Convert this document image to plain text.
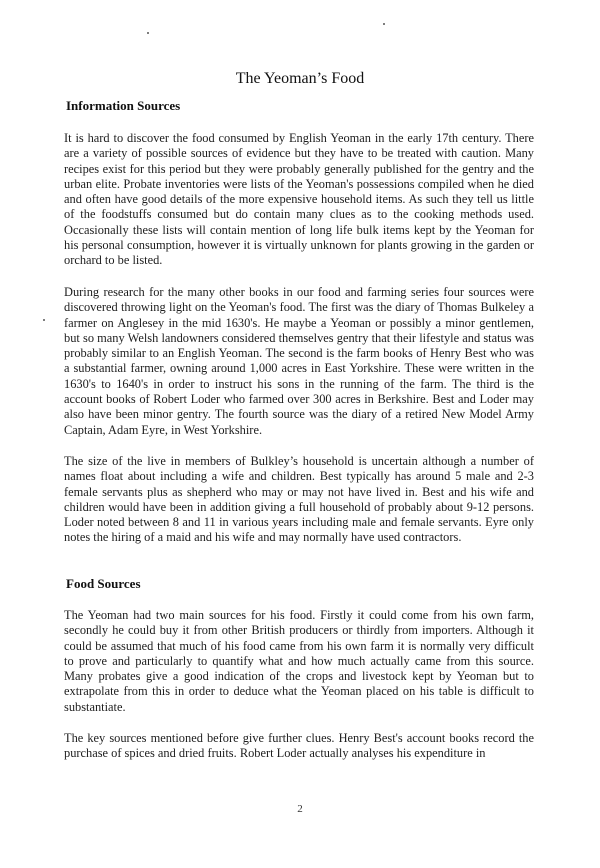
The Yeoman’s Food
Information Sources

It is hard to discover the food consumed by English Yeoman in the early 17th century. There are a variety of possible sources of evidence but they have to be treated with caution. Many recipes exist for this period but they were probably generally published for the gentry and the urban elite. Probate inventories were lists of the Yeoman's possessions compiled when he died and often have good details of the more expensive household items. As such they tell us little of the foodstuffs consumed but do contain many clues as to the cooking methods used. Occasionally these lists will contain mention of long life bulk items kept by the Yeoman for his personal consumption, however it is virtually unknown for plants growing in the garden or orchard to be listed.

During research for the many other books in our food and farming series four sources were discovered throwing light on the Yeoman's food. The first was the diary of Thomas Bulkeley a farmer on Anglesey in the mid 1630's. He maybe a Yeoman or possibly a minor gentlemen, but so many Welsh landowners considered themselves gentry that their lifestyle and status was probably similar to an English Yeoman. The second is the farm books of Henry Best who was a substantial farmer, owning around 1,000 acres in East Yorkshire. These were written in the 1630's to 1640's in order to instruct his sons in the running of the farm. The third is the account books of Robert Loder who farmed over 300 acres in Berkshire. Best and Loder may also have been minor gentry. The fourth source was the diary of a retired New Model Army Captain, Adam Eyre, in West Yorkshire.

The size of the live in members of Bulkley’s household is uncertain although a number of names float about including a wife and children. Best typically has around 5 male and 2-3 female servants plus as shepherd who may or may not have lived in. Best and his wife and children would have been in addition giving a full household of probably about 9-12 persons. Loder noted between 8 and 11 in various years including male and female servants. Eyre only notes the hiring of a maid and his wife and may normally have used contractors.

Food Sources

The Yeoman had two main sources for his food. Firstly it could come from his own farm, secondly he could buy it from other British producers or thirdly from importers. Although it could be assumed that much of his food came from his own farm it is normally very difficult to prove and particularly to quantify what and how much actually came from this source. Many probates give a good indication of the crops and livestock kept by Yeoman but to extrapolate from this in order to deduce what the Yeoman placed on his table is difficult to substantiate.

The key sources mentioned before give further clues. Henry Best's account books record the purchase of spices and dried fruits. Robert Loder actually analyses his expenditure in

2
